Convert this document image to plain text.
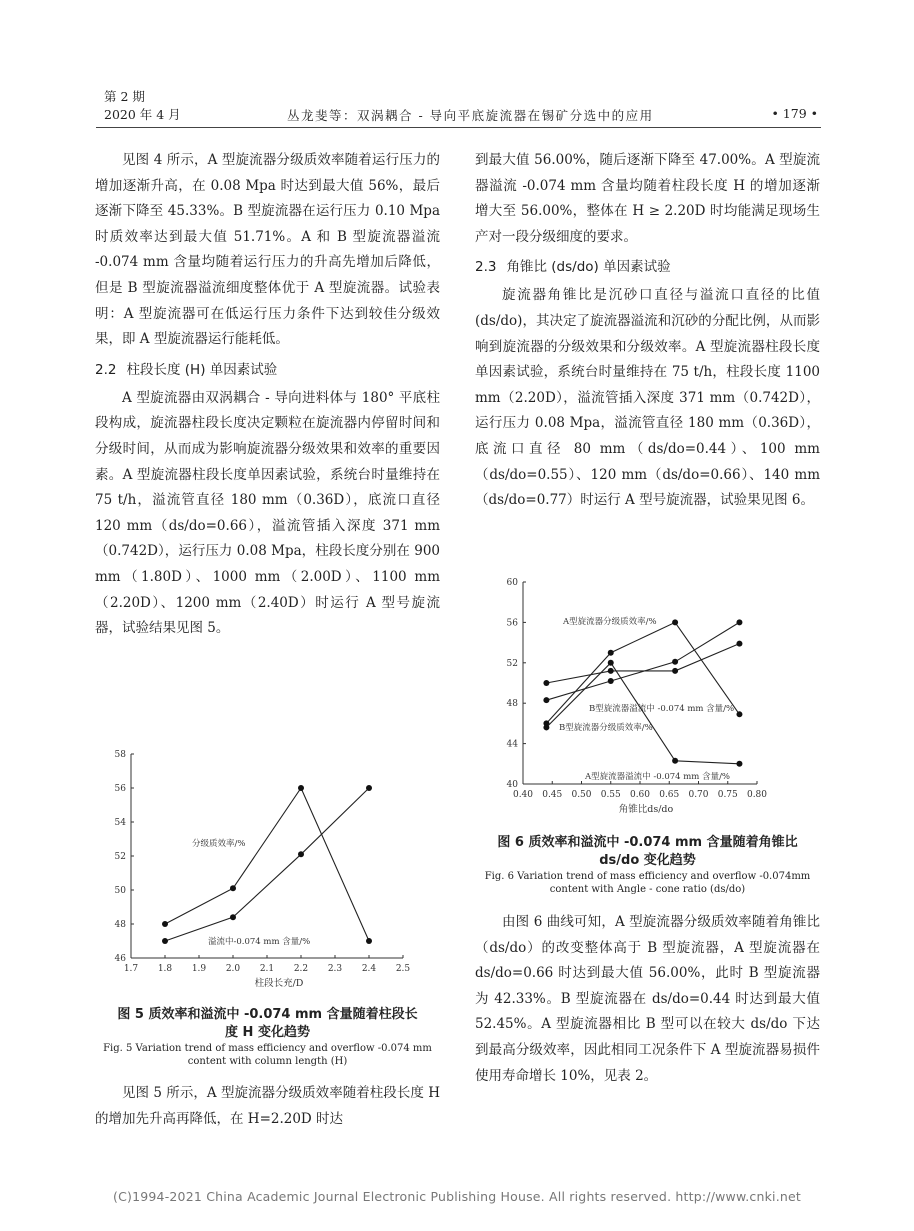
第 2 期
2020 年 4 月	丛龙斐等：双涡耦合 - 导向平底旋流器在锡矿分选中的应用	• 179 •

见图 4 所示，A 型旋流器分级质效率随着运行压力的增加逐渐升高，在 0.08 Mpa 时达到最大值 56%，最后逐渐下降至 45.33%。B 型旋流器在运行压力 0.10 Mpa 时质效率达到最大值 51.71%。A 和 B 型旋流器溢流 -0.074 mm 含量均随着运行压力的升高先增加后降低，但是 B 型旋流器溢流细度整体优于 A 型旋流器。试验表明：A 型旋流器可在低运行压力条件下达到较佳分级效果，即 A 型旋流器运行能耗低。

2.2 柱段长度 (H) 单因素试验

A 型旋流器由双涡耦合 - 导向进料体与 180° 平底柱段构成，旋流器柱段长度决定颗粒在旋流器内停留时间和分级时间，从而成为影响旋流器分级效果和效率的重要因素。A 型旋流器柱段长度单因素试验，系统台时量维持在 75 t/h，溢流管直径 180 mm（0.36D），底流口直径 120 mm（ds/do=0.66），溢流管插入深度 371 mm（0.742D），运行压力 0.08 Mpa，柱段长度分别在 900 mm（1.80D）、1000 mm（2.00D）、1100 mm（2.20D）、1200 mm（2.40D）时运行 A 型号旋流器，试验结果见图 5。

1.7 1.8 1.9 2.0 2.1 2.2 2.3 2.4 2.5
46
48
50
52
54
56
58
柱段长充/D
分级质效率/%
溢流中-0.074 mm 含量/%
图 5 质效率和溢流中 -0.074 mm 含量随着柱段长
度 H 变化趋势
Fig. 5 Variation trend of mass efficiency and overflow -0.074 mm
content with column length (H)

见图 5 所示，A 型旋流器分级质效率随着柱段长度 H 的增加先升高再降低，在 H=2.20D 时达

到最大值 56.00%，随后逐渐下降至 47.00%。A 型旋流器溢流 -0.074 mm 含量均随着柱段长度 H 的增加逐渐增大至 56.00%，整体在 H ≥ 2.20D 时均能满足现场生产对一段分级细度的要求。

2.3 角锥比 (ds/do) 单因素试验

旋流器角锥比是沉砂口直径与溢流口直径的比值 (ds/do)，其决定了旋流器溢流和沉砂的分配比例，从而影响到旋流器的分级效果和分级效率。A 型旋流器柱段长度单因素试验，系统台时量维持在 75 t/h，柱段长度 1100 mm（2.20D），溢流管插入深度 371 mm（0.742D），运行压力 0.08 Mpa，溢流管直径 180 mm（0.36D），底流口直径 80 mm（ds/do=0.44）、100 mm（ds/do=0.55）、120 mm（ds/do=0.66）、140 mm（ds/do=0.77）时运行 A 型号旋流器，试验果见图 6。

0.40 0.45 0.50 0.55 0.60 0.65 0.70 0.75 0.80
40
44
48
52
56
60
角锥比ds/do
A型旋流器分级质效率/%
B型旋流器溢流中 -0.074 mm 含量/%
B型旋流器分级质效率/%
A型旋流器溢流中 -0.074 mm 含量/%
图 6 质效率和溢流中 -0.074 mm 含量随着角锥比
ds/do 变化趋势
Fig. 6 Variation trend of mass efficiency and overflow -0.074mm
content with Angle - cone ratio (ds/do)

由图 6 曲线可知，A 型旋流器分级质效率随着角锥比（ds/do）的改变整体高于 B 型旋流器，A 型旋流器在 ds/do=0.66 时达到最大值 56.00%，此时 B 型旋流器为 42.33%。B 型旋流器在 ds/do=0.44 时达到最大值 52.45%。A 型旋流器相比 B 型可以在较大 ds/do 下达到最高分级效率，因此相同工况条件下 A 型旋流器易损件使用寿命增长 10%，见表 2。

(C)1994-2021 China Academic Journal Electronic Publishing House. All rights reserved. http://www.cnki.net
